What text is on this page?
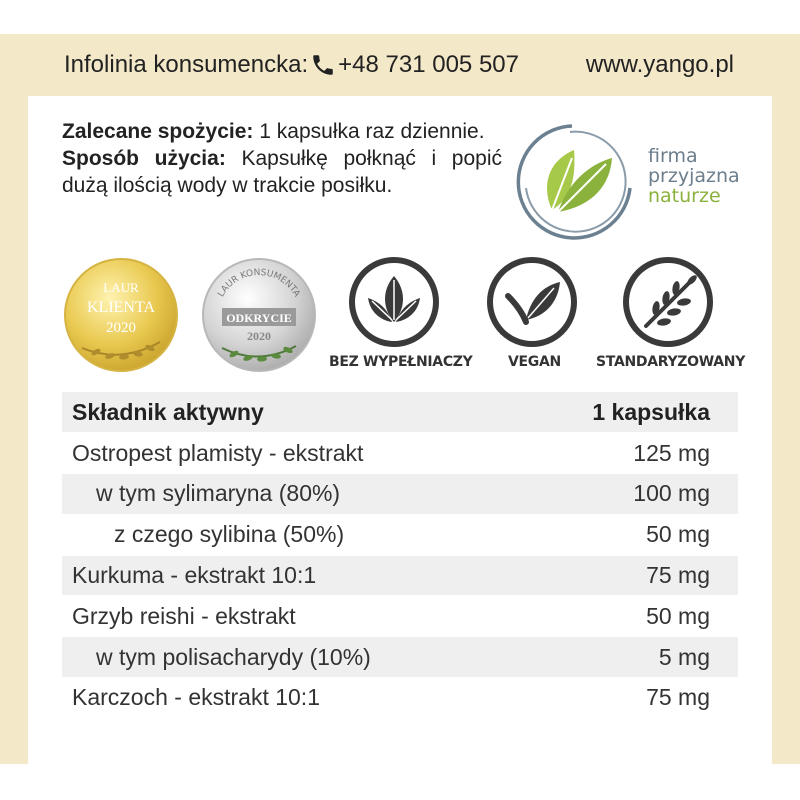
Infolinia konsumencka: +48 731 005 507	www.yango.pl
Zalecane spożycie: 1 kapsułka raz dziennie.
Sposób użycia: Kapsułkę połknąć i popić dużą ilością wody w trakcie posiłku.
firma
przyjazna
naturze
LAUR
KLIENTA
2020
LAUR KONSUMENTA
ODKRYCIE
2020
BEZ WYPEŁNIACZY	VEGAN	STANDARYZOWANY
Składnik aktywny	1 kapsułka
Ostropest plamisty - ekstrakt	125 mg
w tym sylimaryna (80%)	100 mg
z czego sylibina (50%)	50 mg
Kurkuma - ekstrakt 10:1	75 mg
Grzyb reishi - ekstrakt	50 mg
w tym polisacharydy (10%)	5 mg
Karczoch - ekstrakt 10:1	75 mg
